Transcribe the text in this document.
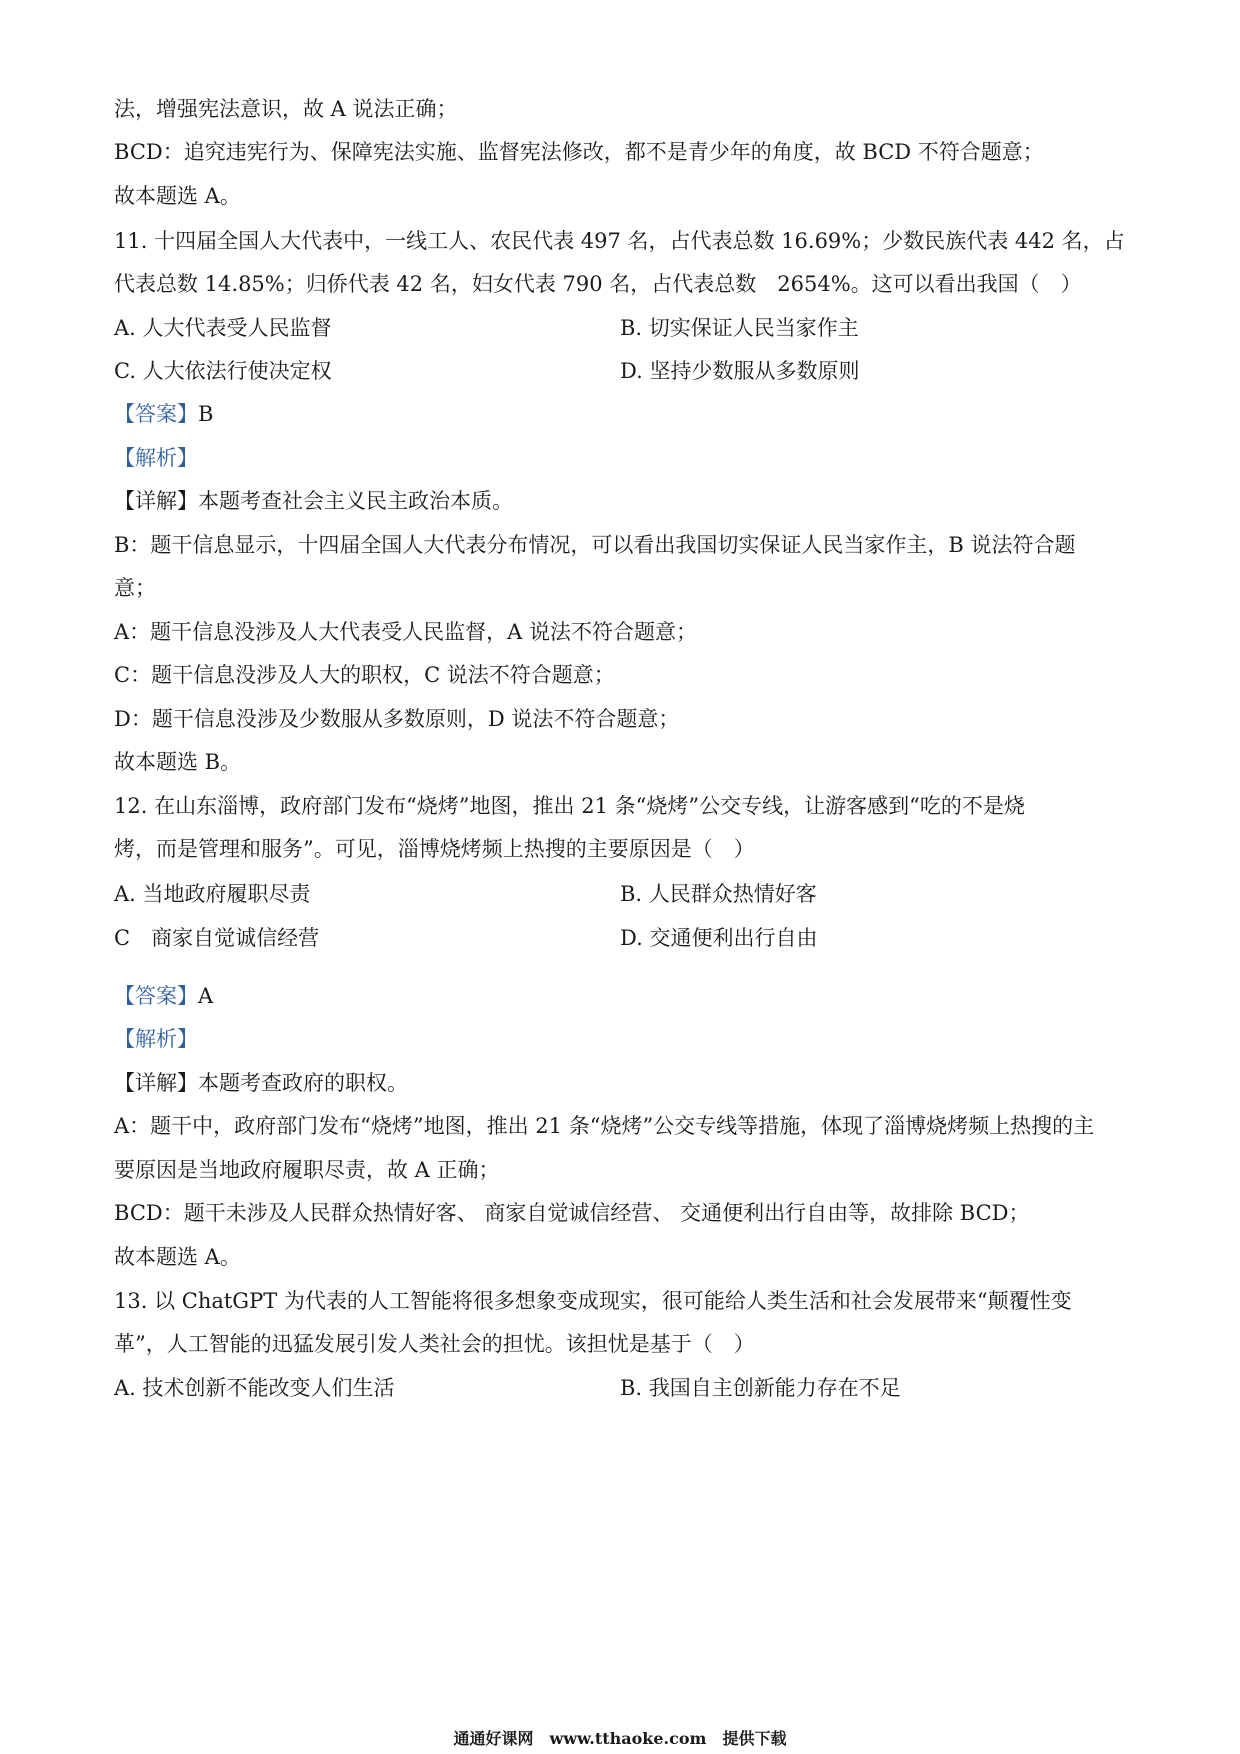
法，增强宪法意识，故 A 说法正确；
BCD：追究违宪行为、保障宪法实施、监督宪法修改，都不是青少年的角度，故 BCD 不符合题意；
故本题选 A。
11. 十四届全国人大代表中，一线工人、农民代表 497 名，占代表总数 16.69%；少数民族代表 442 名，占
代表总数 14.85%；归侨代表 42 名，妇女代表 790 名，占代表总数　2654%。这可以看出我国（　）
A. 人大代表受人民监督	B. 切实保证人民当家作主
C. 人大依法行使决定权	D. 坚持少数服从多数原则
【答案】B
【解析】
【详解】本题考查社会主义民主政治本质。
B：题干信息显示，十四届全国人大代表分布情况，可以看出我国切实保证人民当家作主，B 说法符合题
意；
A：题干信息没涉及人大代表受人民监督，A 说法不符合题意；
C：题干信息没涉及人大的职权，C 说法不符合题意；
D：题干信息没涉及少数服从多数原则，D 说法不符合题意；
故本题选 B。
12. 在山东淄博，政府部门发布“烧烤”地图，推出 21 条“烧烤”公交专线，让游客感到“吃的不是烧
烤，而是管理和服务”。可见，淄博烧烤频上热搜的主要原因是（　）
A. 当地政府履职尽责	B. 人民群众热情好客
C　商家自觉诚信经营	D. 交通便利出行自由
【答案】A
【解析】
【详解】本题考查政府的职权。
A：题干中，政府部门发布“烧烤”地图，推出 21 条“烧烤”公交专线等措施，体现了淄博烧烤频上热搜的主
要原因是当地政府履职尽责，故 A 正确；
BCD：题干未涉及人民群众热情好客、 商家自觉诚信经营、 交通便利出行自由等，故排除 BCD；
故本题选 A。
13. 以 ChatGPT 为代表的人工智能将很多想象变成现实，很可能给人类生活和社会发展带来“颠覆性变
革”，人工智能的迅猛发展引发人类社会的担忧。该担忧是基于（　）
A. 技术创新不能改变人们生活	B. 我国自主创新能力存在不足
通通好课网　www.tthaoke.com　提供下载
